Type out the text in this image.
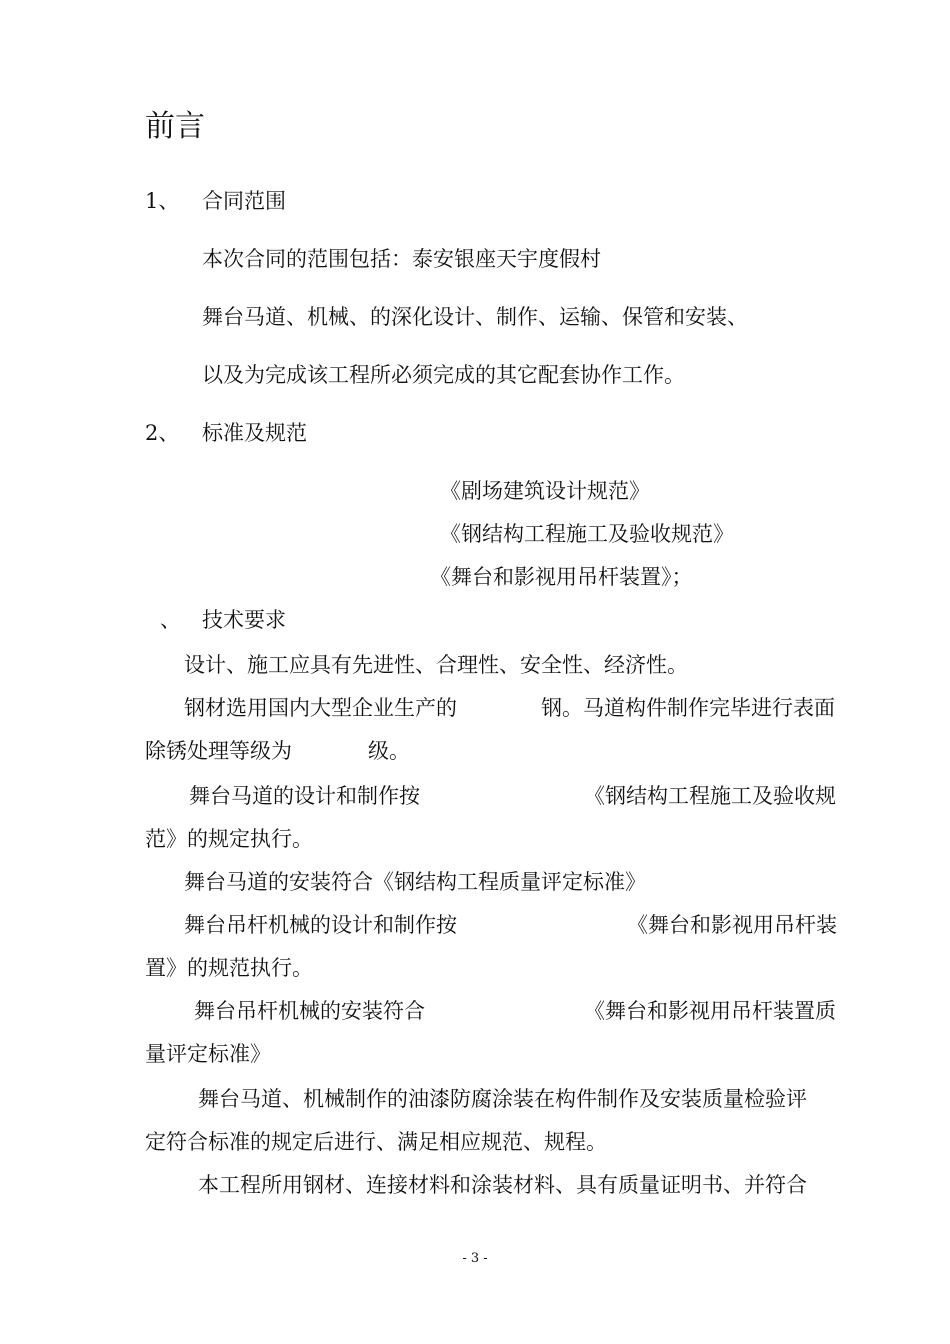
前言
1、 合同范围
本次合同的范围包括：泰安银座天宇度假村
舞台马道、机械、的深化设计、制作、运输、保管和安装、
以及为完成该工程所必须完成的其它配套协作工作。
2、 标准及规范
《剧场建筑设计规范》
《钢结构工程施工及验收规范》
《舞台和影视用吊杆装置》；
、 技术要求
设计、施工应具有先进性、合理性、安全性、经济性。
钢材选用国内大型企业生产的	钢。马道构件制作完毕进行表面
除锈处理等级为	级。
舞台马道的设计和制作按	《钢结构工程施工及验收规
范》的规定执行。
舞台马道的安装符合《钢结构工程质量评定标准》
舞台吊杆机械的设计和制作按	《舞台和影视用吊杆装
置》的规范执行。
舞台吊杆机械的安装符合	《舞台和影视用吊杆装置质
量评定标准》
舞台马道、机械制作的油漆防腐涂装在构件制作及安装质量检验评
定符合标准的规定后进行、满足相应规范、规程。
本工程所用钢材、连接材料和涂装材料、具有质量证明书、并符合
- 3 -
